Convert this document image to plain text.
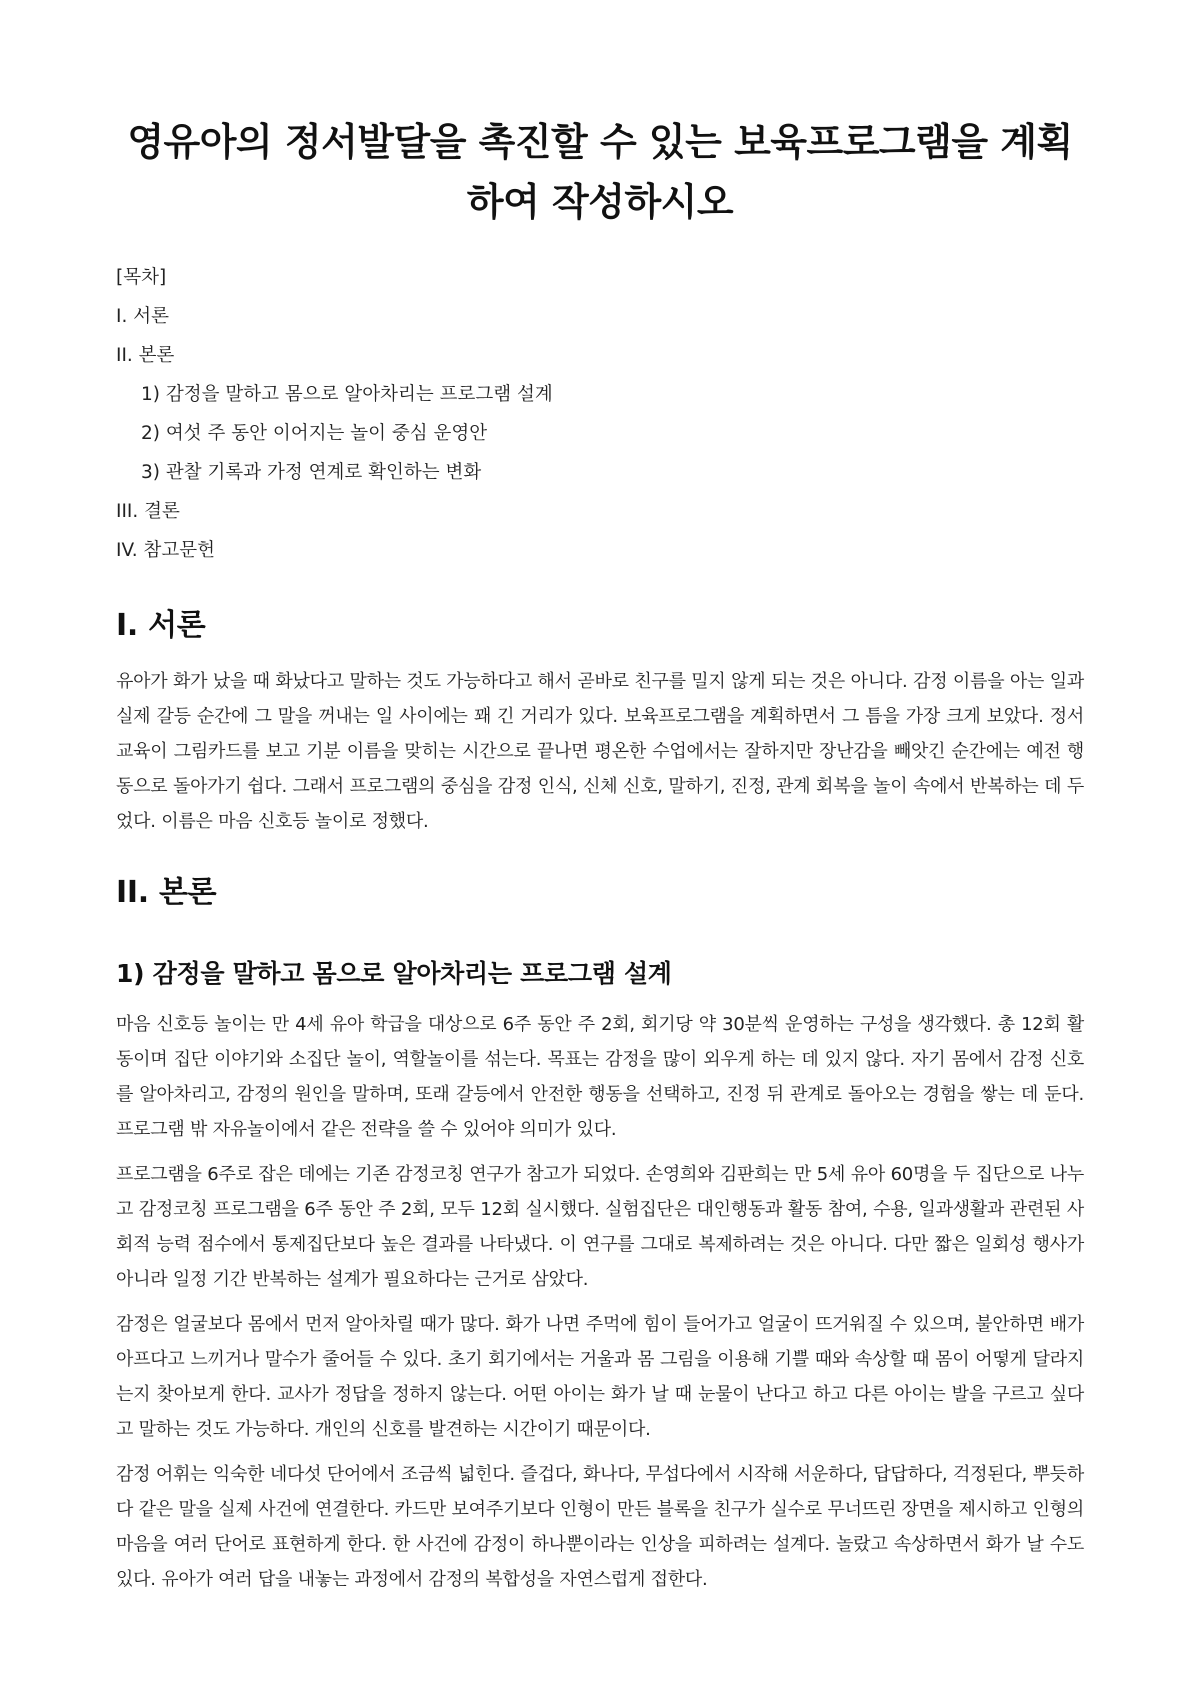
영유아의 정서발달을 촉진할 수 있는 보육프로그램을 계획하여 작성하시오
[목차]
I. 서론
II. 본론
1) 감정을 말하고 몸으로 알아차리는 프로그램 설계
2) 여섯 주 동안 이어지는 놀이 중심 운영안
3) 관찰 기록과 가정 연계로 확인하는 변화
III. 결론
IV. 참고문헌
I. 서론

유아가 화가 났을 때 화났다고 말하는 것도 가능하다고 해서 곧바로 친구를 밀지 않게 되는 것은 아니다. 감정 이름을 아는 일과 실제 갈등 순간에 그 말을 꺼내는 일 사이에는 꽤 긴 거리가 있다. 보육프로그램을 계획하면서 그 틈을 가장 크게 보았다. 정서교육이 그림카드를 보고 기분 이름을 맞히는 시간으로 끝나면 평온한 수업에서는 잘하지만 장난감을 빼앗긴 순간에는 예전 행동으로 돌아가기 쉽다. 그래서 프로그램의 중심을 감정 인식, 신체 신호, 말하기, 진정, 관계 회복을 놀이 속에서 반복하는 데 두었다. 이름은 마음 신호등 놀이로 정했다.

II. 본론
1) 감정을 말하고 몸으로 알아차리는 프로그램 설계

마음 신호등 놀이는 만 4세 유아 학급을 대상으로 6주 동안 주 2회, 회기당 약 30분씩 운영하는 구성을 생각했다. 총 12회 활동이며 집단 이야기와 소집단 놀이, 역할놀이를 섞는다. 목표는 감정을 많이 외우게 하는 데 있지 않다. 자기 몸에서 감정 신호를 알아차리고, 감정의 원인을 말하며, 또래 갈등에서 안전한 행동을 선택하고, 진정 뒤 관계로 돌아오는 경험을 쌓는 데 둔다. 프로그램 밖 자유놀이에서 같은 전략을 쓸 수 있어야 의미가 있다.

프로그램을 6주로 잡은 데에는 기존 감정코칭 연구가 참고가 되었다. 손영희와 김판희는 만 5세 유아 60명을 두 집단으로 나누고 감정코칭 프로그램을 6주 동안 주 2회, 모두 12회 실시했다. 실험집단은 대인행동과 활동 참여, 수용, 일과생활과 관련된 사회적 능력 점수에서 통제집단보다 높은 결과를 나타냈다. 이 연구를 그대로 복제하려는 것은 아니다. 다만 짧은 일회성 행사가 아니라 일정 기간 반복하는 설계가 필요하다는 근거로 삼았다.

감정은 얼굴보다 몸에서 먼저 알아차릴 때가 많다. 화가 나면 주먹에 힘이 들어가고 얼굴이 뜨거워질 수 있으며, 불안하면 배가 아프다고 느끼거나 말수가 줄어들 수 있다. 초기 회기에서는 거울과 몸 그림을 이용해 기쁠 때와 속상할 때 몸이 어떻게 달라지는지 찾아보게 한다. 교사가 정답을 정하지 않는다. 어떤 아이는 화가 날 때 눈물이 난다고 하고 다른 아이는 발을 구르고 싶다고 말하는 것도 가능하다. 개인의 신호를 발견하는 시간이기 때문이다.

감정 어휘는 익숙한 네다섯 단어에서 조금씩 넓힌다. 즐겁다, 화나다, 무섭다에서 시작해 서운하다, 답답하다, 걱정된다, 뿌듯하다 같은 말을 실제 사건에 연결한다. 카드만 보여주기보다 인형이 만든 블록을 친구가 실수로 무너뜨린 장면을 제시하고 인형의 마음을 여러 단어로 표현하게 한다. 한 사건에 감정이 하나뿐이라는 인상을 피하려는 설계다. 놀랐고 속상하면서 화가 날 수도 있다. 유아가 여러 답을 내놓는 과정에서 감정의 복합성을 자연스럽게 접한다.
